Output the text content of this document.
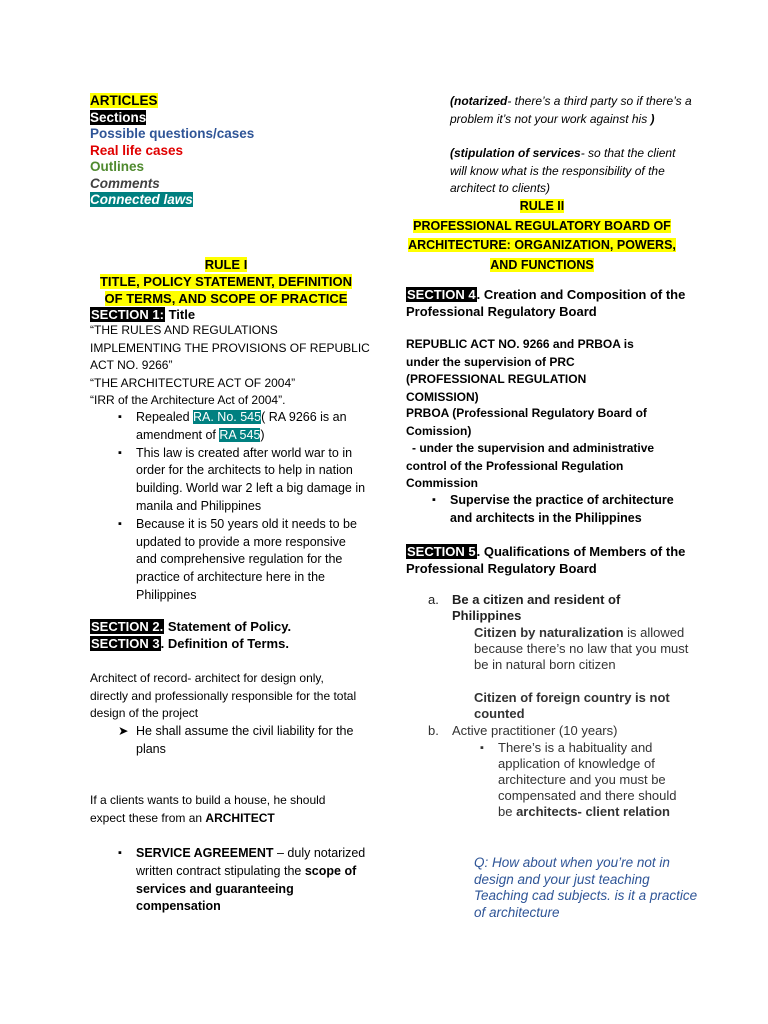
ARTICLES
Sections
Possible questions/cases
Real life cases
Outlines
Comments
Connected laws
RULE I
TITLE, POLICY STATEMENT, DEFINITION
OF TERMS, AND SCOPE OF PRACTICE
SECTION 1: Title
“THE RULES AND REGULATIONS IMPLEMENTING THE PROVISIONS OF REPUBLIC ACT NO. 9266”
“THE ARCHITECTURE ACT OF 2004”
“IRR of the Architecture Act of 2004”.
▪ Repealed RA. No. 545( RA 9266 is an amendment of RA 545)
▪ This law is created after world war to in order for the architects to help in nation building. World war 2 left a big damage in manila and Philippines
▪ Because it is 50 years old it needs to be updated to provide a more responsive and comprehensive regulation for the practice of architecture here in the Philippines
SECTION 2. Statement of Policy.
SECTION 3. Definition of Terms.
Architect of record- architect for design only, directly and professionally responsible for the total design of the project
➤ He shall assume the civil liability for the plans
If a clients wants to build a house, he should expect these from an ARCHITECT
▪ SERVICE AGREEMENT – duly notarized written contract stipulating the scope of services and guaranteeing compensation
(notarized- there’s a third party so if there’s a problem it’s not your work against his )
(stipulation of services- so that the client will know what is the responsibility of the architect to clients)
RULE II
PROFESSIONAL REGULATORY BOARD OF
ARCHITECTURE: ORGANIZATION, POWERS,
AND FUNCTIONS
SECTION 4. Creation and Composition of the Professional Regulatory Board
REPUBLIC ACT NO. 9266 and PRBOA is under the supervision of PRC (PROFESSIONAL REGULATION COMISSION)
PRBOA (Professional Regulatory Board of Comission)
- under the supervision and administrative control of the Professional Regulation Commission
▪ Supervise the practice of architecture and architects in the Philippines
SECTION 5. Qualifications of Members of the Professional Regulatory Board
a.	Be a citizen and resident of Philippines
Citizen by naturalization is allowed because there’s no law that you must be in natural born citizen
Citizen of foreign country is not counted
b.	Active practitioner (10 years)
▪ There’s is a habituality and application of knowledge of architecture and you must be compensated and there should be architects- client relation
Q: How about when you’re not in design and your just teaching Teaching cad subjects. is it a practice of architecture
